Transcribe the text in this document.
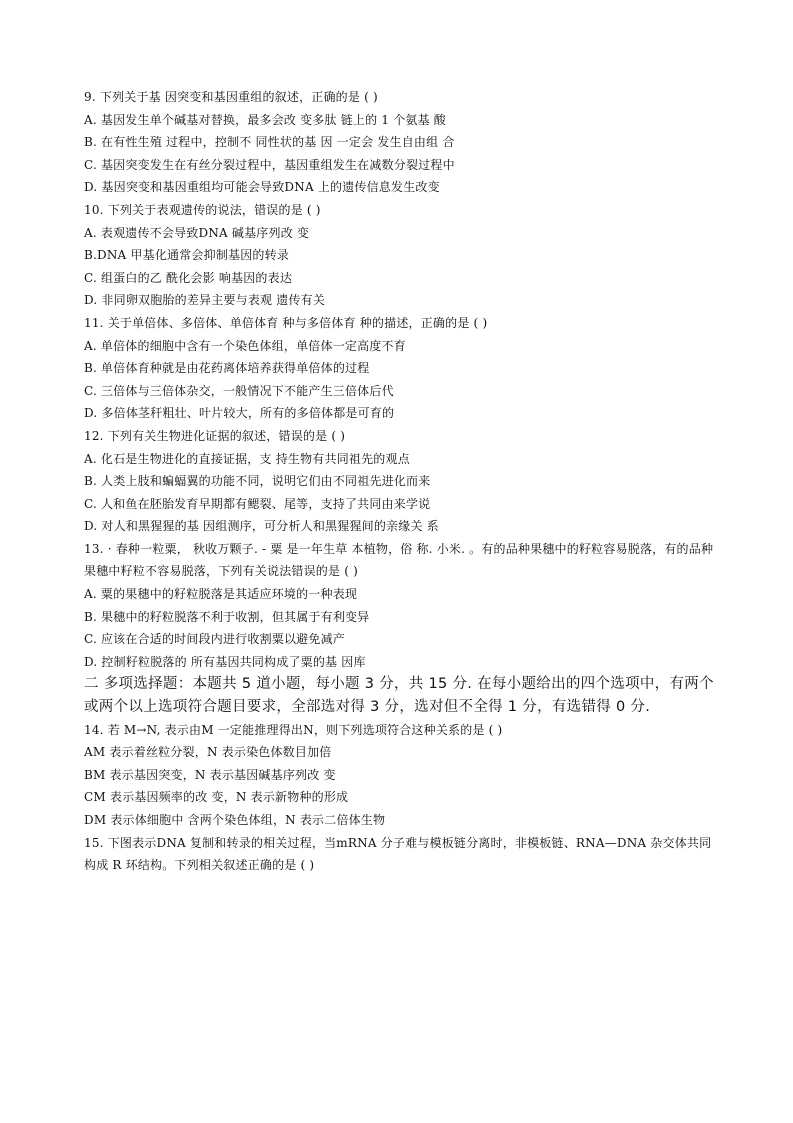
9. 下列关于基 因突变和基因重组的叙述，正确的是 ( )
A. 基因发生单个碱基对替换，最多会改 变多肽 链上的 1 个氨基 酸
B. 在有性生殖 过程中，控制不 同性状的基 因 一定会 发生自由组 合
C. 基因突变发生在有丝分裂过程中，基因重组发生在减数分裂过程中
D. 基因突变和基因重组均可能会导致DNA 上的遗传信息发生改变
10. 下列关于表观遗传的说法，错误的是 ( )
A. 表观遗传不会导致DNA 碱基序列改 变
B.DNA 甲基化通常会抑制基因的转录
C. 组蛋白的乙 酰化会影 响基因的表达
D. 非同卵双胞胎的差异主要与表观 遗传有关
11. 关于单倍体、多倍体、单倍体育 种与多倍体育 种的描述，正确的是 ( )
A. 单倍体的细胞中含有一个染色体组，单倍体一定高度不育
B. 单倍体育种就是由花药离体培养获得单倍体的过程
C. 三倍体与三倍体杂交，一般情况下不能产生三倍体后代
D. 多倍体茎秆粗壮、叶片较大，所有的多倍体都是可育的
12. 下列有关生物进化证据的叙述，错误的是 ( )
A. 化石是生物进化的直接证据，支 持生物有共同祖先的观点
B. 人类上肢和蝙蝠翼的功能不同，说明它们由不同祖先进化而来
C. 人和鱼在胚胎发育早期都有鳃裂、尾等，支持了共同由来学说
D. 对人和黑猩猩的基 因组测序，可分析人和黑猩猩间的亲缘关 系
13. · 春种一粒粟， 秋收万颗子. - 粟 是一年生草 本植物，俗 称. 小米. 。有的品种果穗中的籽粒容易脱落，有的品种果穗中籽粒不容易脱落，下列有关说法错误的是 ( )
A. 粟的果穗中的籽粒脱落是其适应环境的一种表现
B. 果穗中的籽粒脱落不利于收割，但其属于有利变异
C. 应该在合适的时间段内进行收割粟以避免减产
D. 控制籽粒脱落的 所有基因共同构成了粟的基 因库
二 多项选择题：本题共 5 道小题，每小题 3 分，共 15 分. 在每小题给出的四个选项中，有两个或两个以上选项符合题目要求，全部选对得 3 分，选对但不全得 1 分，有选错得 0 分.
14. 若 M→N, 表示由M 一定能推理得出N，则下列选项符合这种关系的是 ( )
AM 表示着丝粒分裂，N 表示染色体数目加倍
BM 表示基因突变，N 表示基因碱基序列改 变
CM 表示基因频率的改 变，N 表示新物种的形成
DM 表示体细胞中 含两个染色体组，N 表示二倍体生物
15. 下图表示DNA 复制和转录的相关过程，当mRNA 分子难与模板链分离时，非模板链、RNA—DNA 杂交体共同构成 R 环结构。下列相关叙述正确的是 ( )
